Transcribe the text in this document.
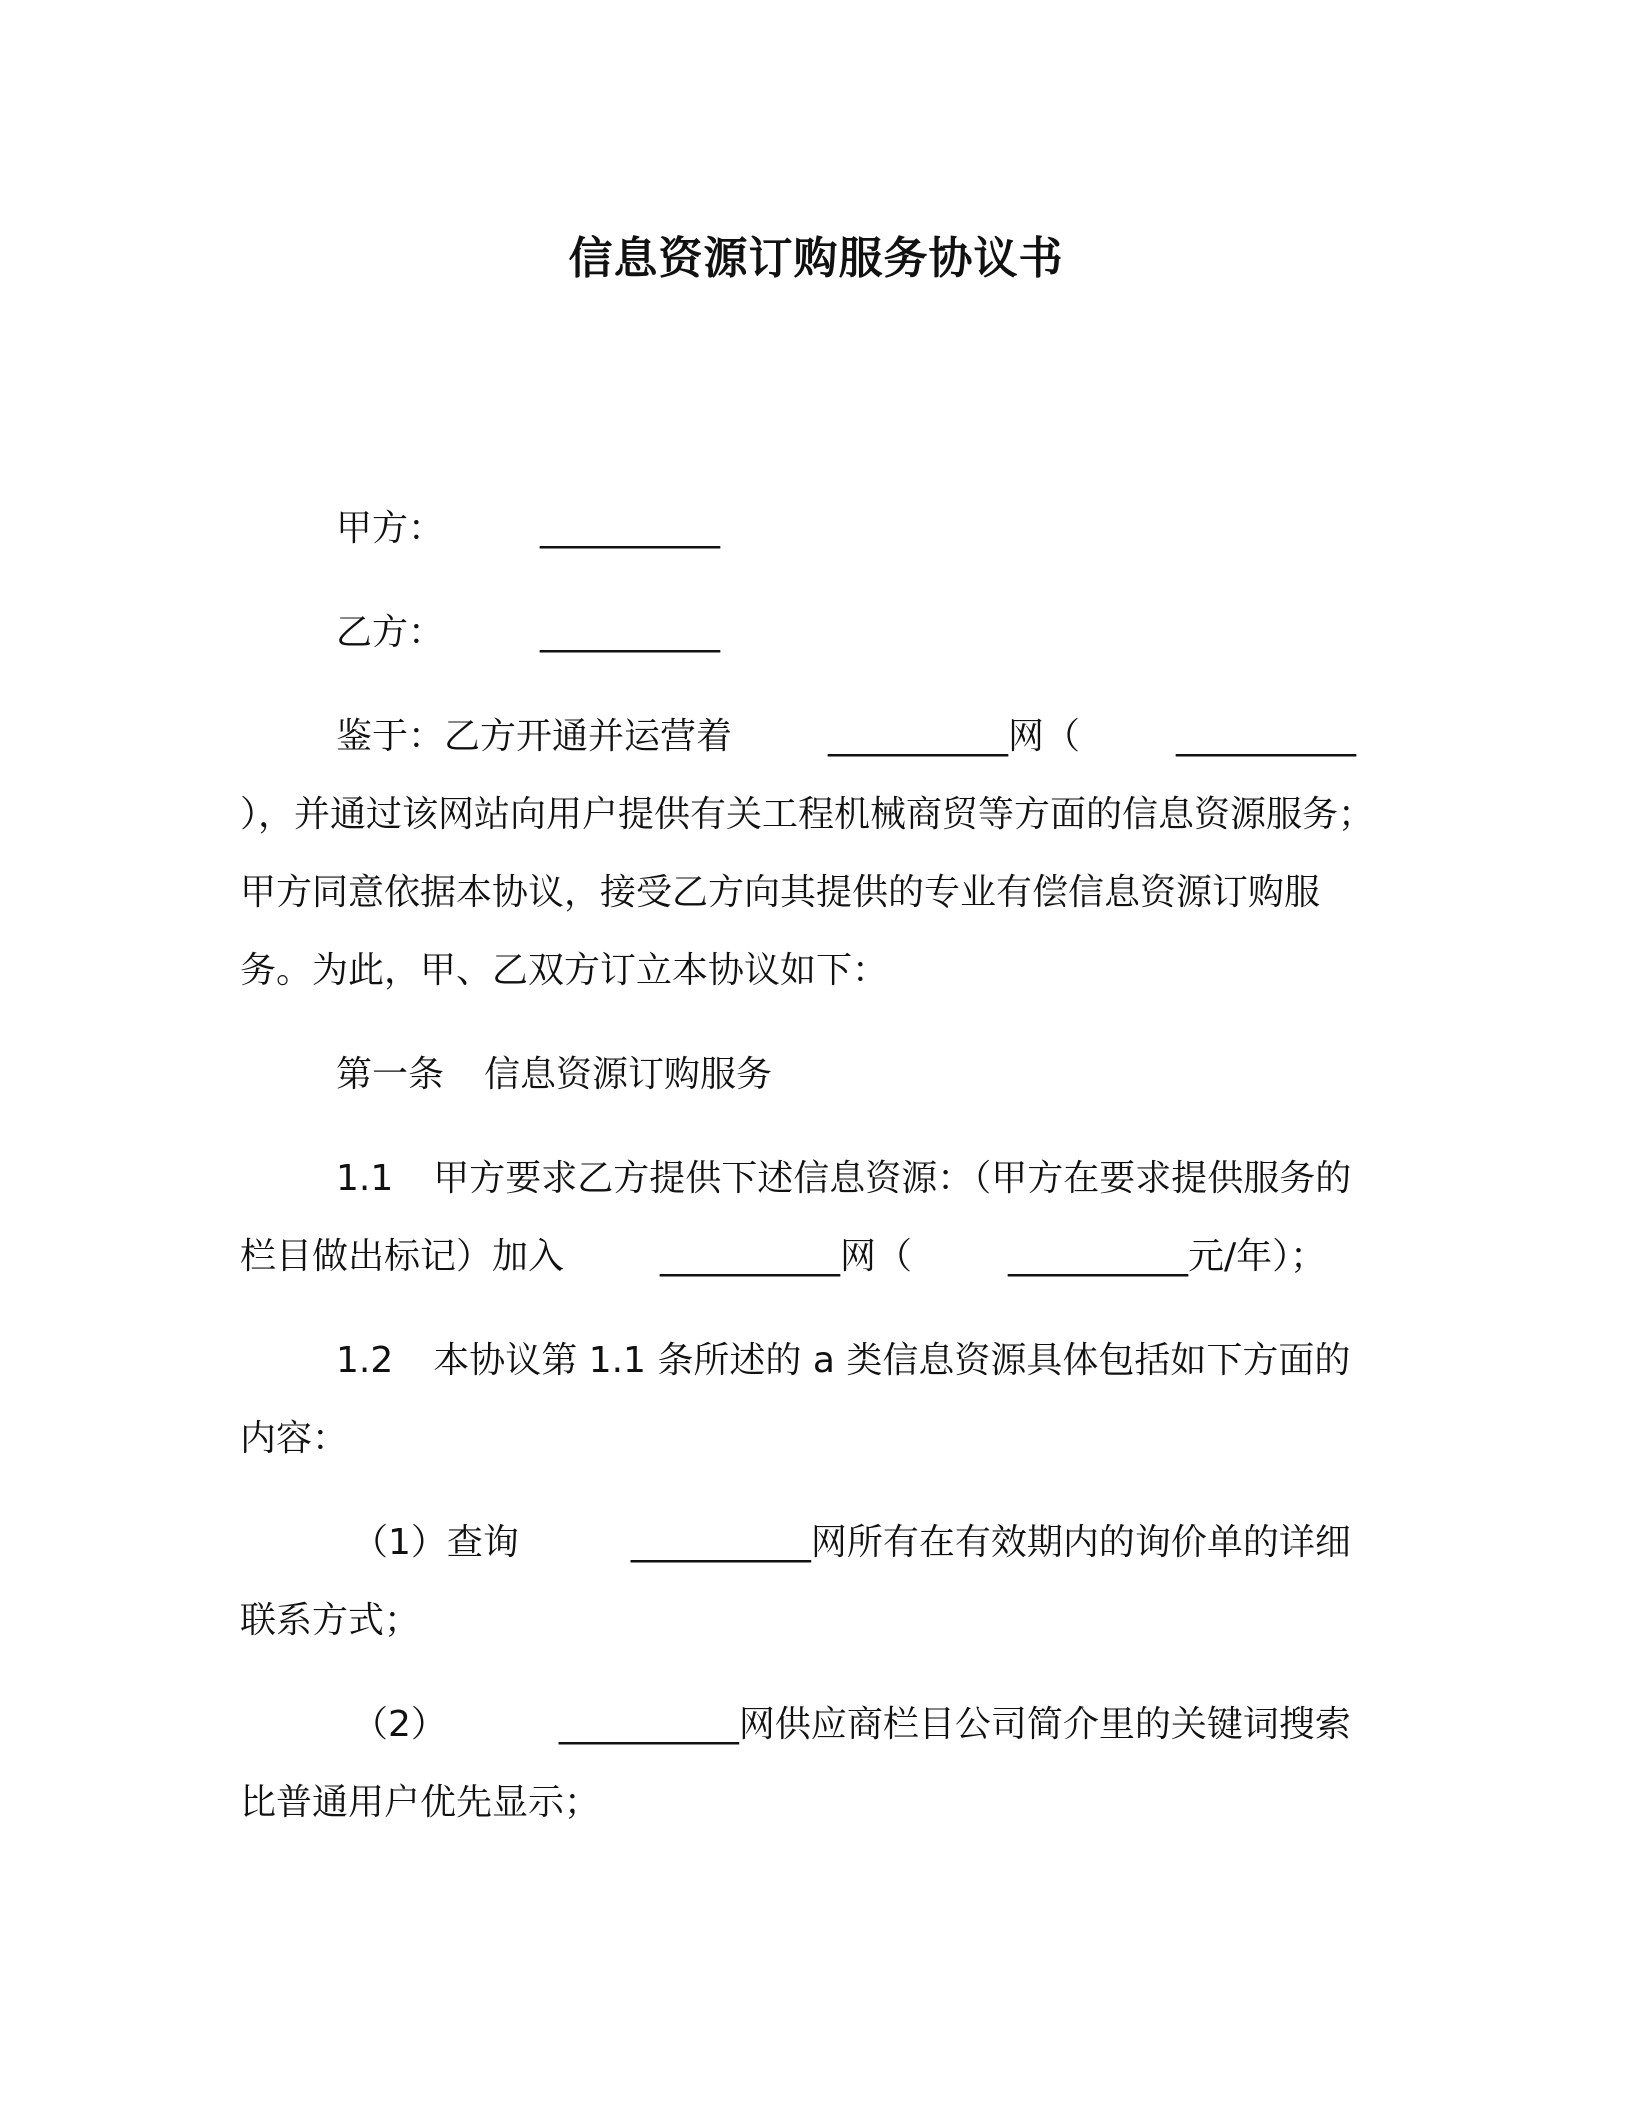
信息资源订购服务协议书

甲方：	__________

乙方：	__________

鉴于：乙方开通并运营着	__________网（	__________），并通过该网站向用户提供有关工程机械商贸等方面的信息资源服务；甲方同意依据本协议，接受乙方向其提供的专业有偿信息资源订购服务。为此，甲、乙双方订立本协议如下：

第一条 信息资源订购服务

1.1 甲方要求乙方提供下述信息资源：（甲方在要求提供服务的栏目做出标记）加入	__________网（	__________元/年）；

1.2 本协议第 1.1 条所述的 a 类信息资源具体包括如下方面的内容：

（1）查询	__________网所有在有效期内的询价单的详细联系方式；

（2）	__________网供应商栏目公司简介里的关键词搜索比普通用户优先显示；
